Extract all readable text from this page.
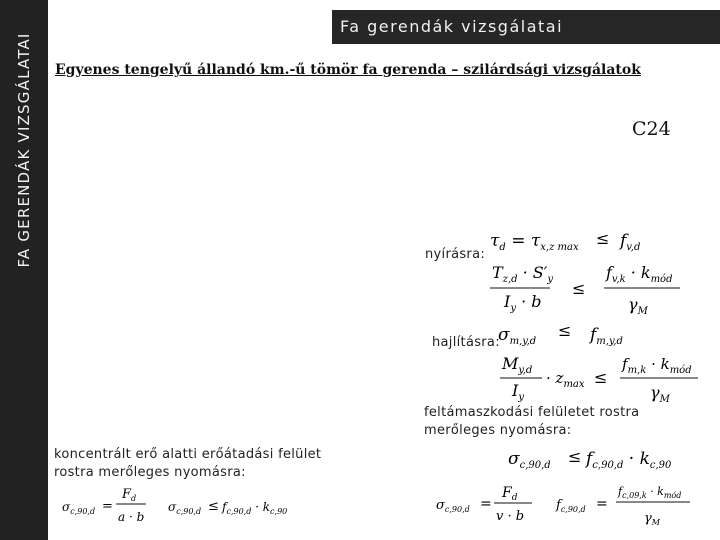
FA GERENDÁK VIZSGÁLATAI
Fa gerendák vizsgálatai
Egyenes tengelyű állandó km.-ű tömör fa gerenda – szilárdsági vizsgálatok
C24
nyírásra:
$\tau_d = \tau_{x,z max} \le f_{v,d}$
$T_{z,d} \cdot S'_y$
$I_y \cdot b$
≤
$f_{v,k} \cdot k_{mód}$
$\gamma_M$
hajlításra:
$\sigma_{m,y,d}$
≤ $f_{m,y,d}$
$M_{y,d}$
$I_y$
· $z_{max}$ ≤
$f_{m,k} \cdot k_{mód}$
$\gamma_M$
feltámaszkodási felületet rostra merőleges nyomásra:
$\sigma_{c,90,d} \le f_{c,90,d} \cdot k_{c,90}$
$\sigma_{c,90,d}$ =
$F_d$
v · b
$f_{c,90,d}$ =
$f_{c,09,k} \cdot k_{mód}$
$\gamma_M$
koncentrált erő alatti erőátadási felület rostra merőleges nyomásra:
$\sigma_{c,90,d}$ =
$F_d$
a · b
$\sigma_{c,90,d} \le f_{c,90,d} \cdot k_{c,90}$
